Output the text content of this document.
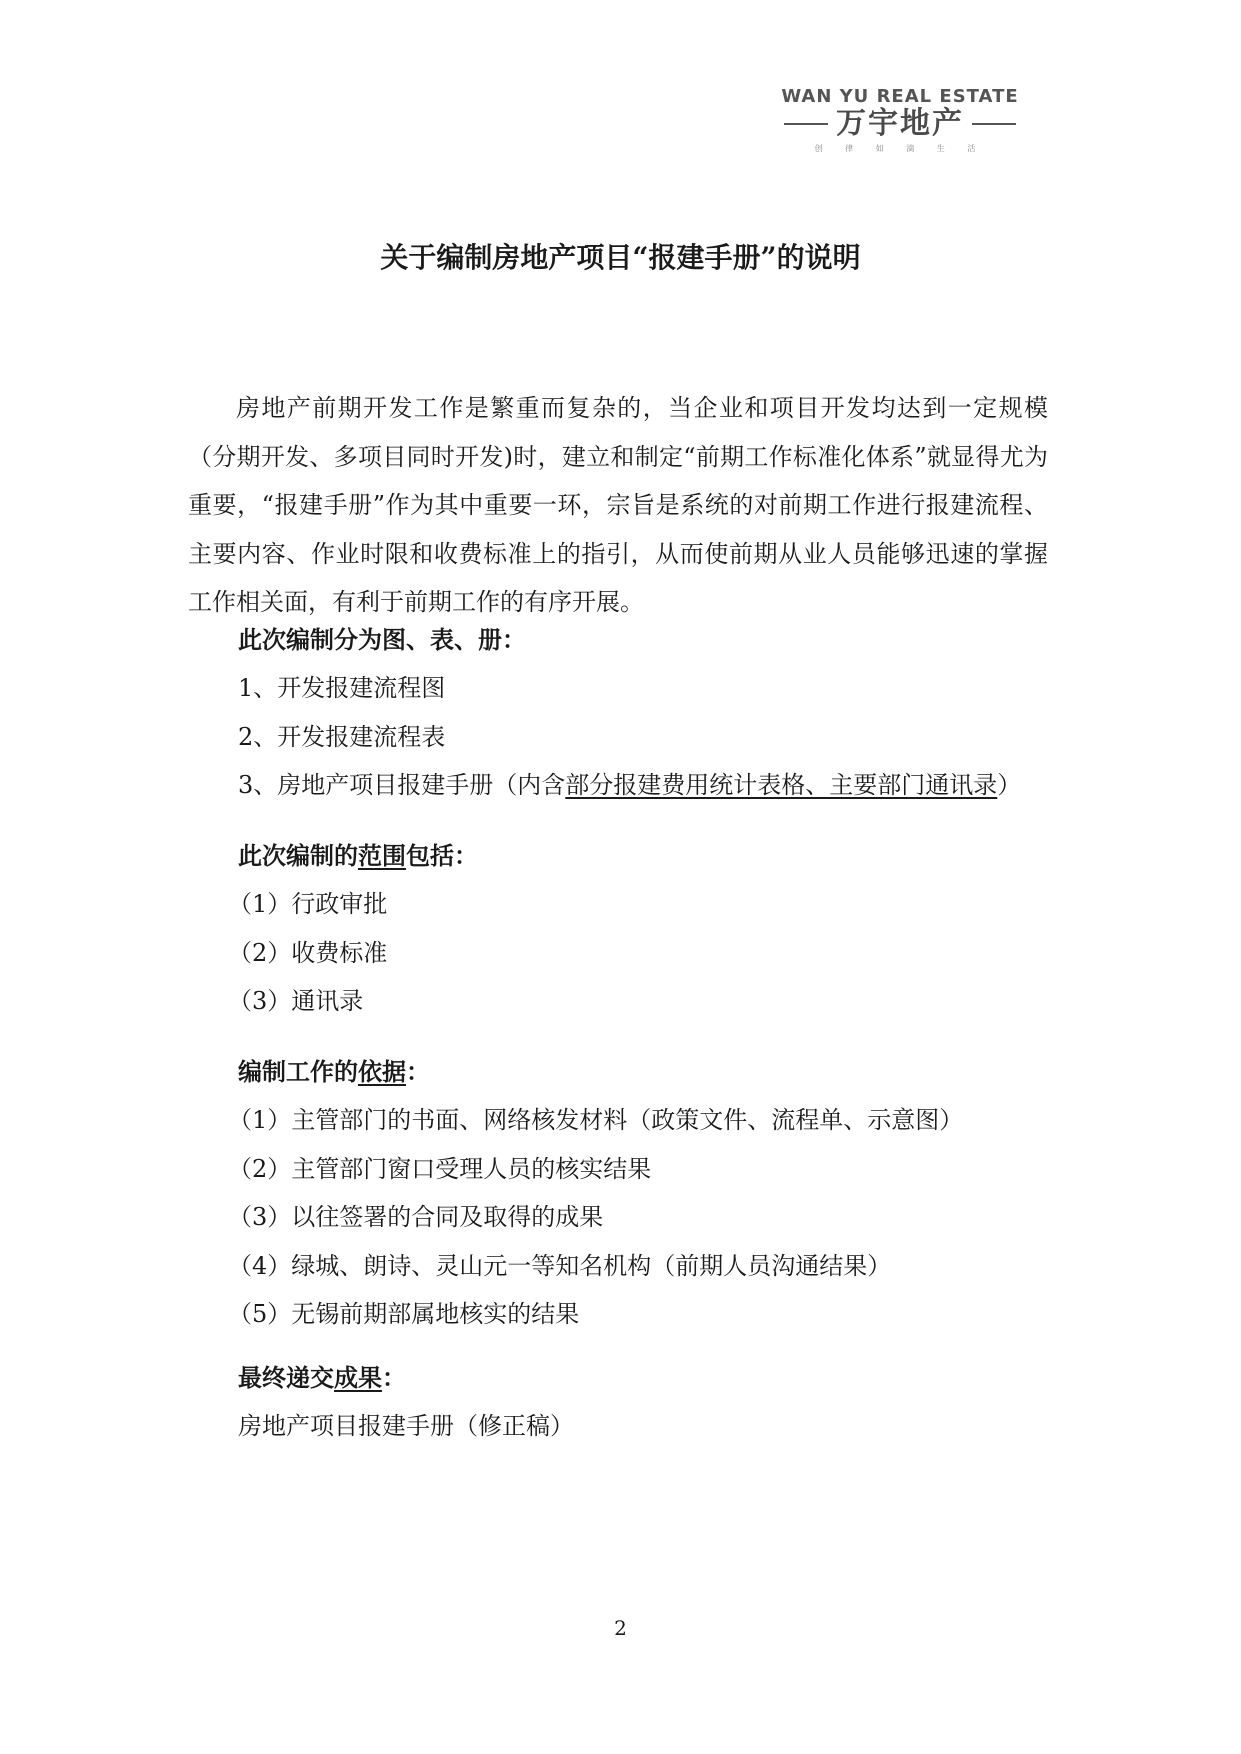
WAN YU REAL ESTATE
万宇地产
创 律 如 滴 生 活
关于编制房地产项目“报建手册”的说明

房地产前期开发工作是繁重而复杂的，当企业和项目开发均达到一定规模（分期开发、多项目同时开发)时，建立和制定“前期工作标准化体系”就显得尤为重要，“报建手册”作为其中重要一环，宗旨是系统的对前期工作进行报建流程、主要内容、作业时限和收费标准上的指引，从而使前期从业人员能够迅速的掌握工作相关面，有利于前期工作的有序开展。

此次编制分为图、表、册：
1、开发报建流程图
2、开发报建流程表
3、房地产项目报建手册（内含部分报建费用统计表格、主要部门通讯录）
此次编制的范围包括：
（1）行政审批
（2）收费标准
（3）通讯录
编制工作的依据：
（1）主管部门的书面、网络核发材料（政策文件、流程单、示意图）
（2）主管部门窗口受理人员的核实结果
（3）以往签署的合同及取得的成果
（4）绿城、朗诗、灵山元一等知名机构（前期人员沟通结果）
（5）无锡前期部属地核实的结果
最终递交成果：
房地产项目报建手册（修正稿）
2
